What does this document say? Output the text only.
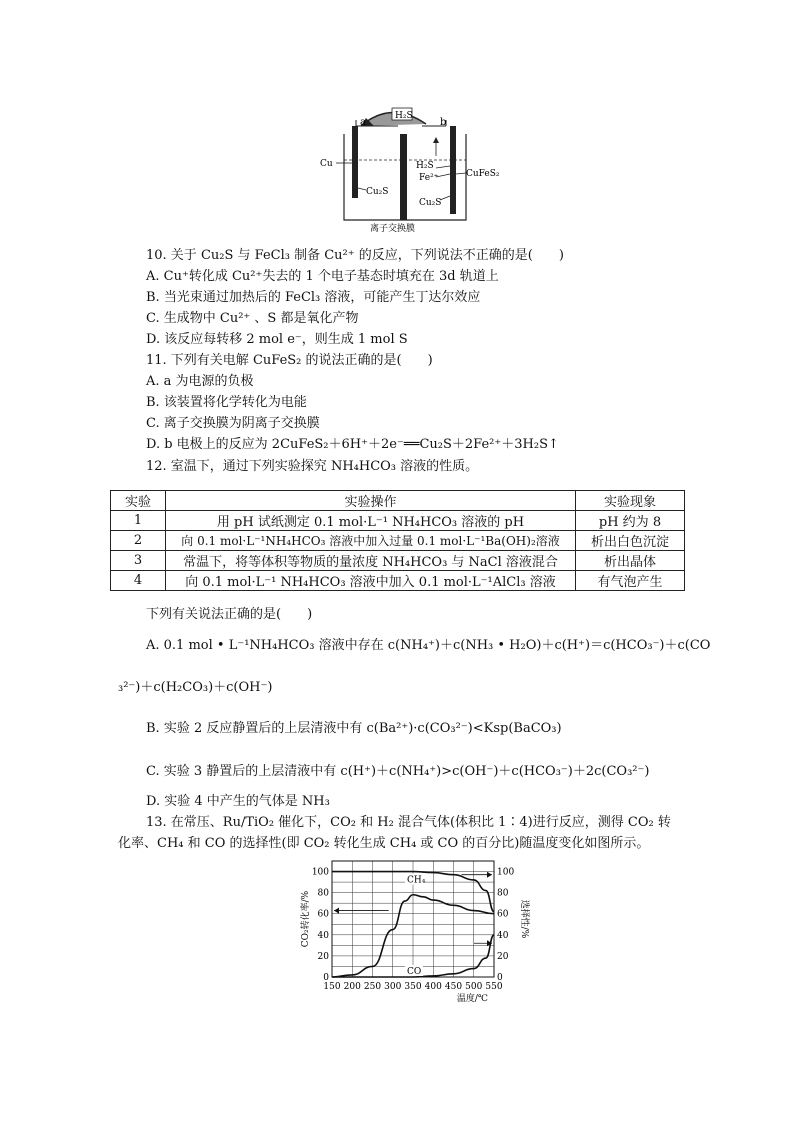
H₂S
a	b
Cu
Cu₂S
H₂S
Fe²⁺	CuFeS₂
Cu₂S
离子交换膜
10. 关于 Cu₂S 与 FeCl₃ 制备 Cu²⁺ 的反应，下列说法不正确的是(　　)
A. Cu⁺转化成 Cu²⁺失去的 1 个电子基态时填充在 3d 轨道上
B. 当光束通过加热后的 FeCl₃ 溶液，可能产生丁达尔效应
C. 生成物中 Cu²⁺ 、S 都是氧化产物
D. 该反应每转移 2 mol e⁻，则生成 1 mol S
11. 下列有关电解 CuFeS₂ 的说法正确的是(　　)
A. a 为电源的负极
B. 该装置将化学转化为电能
C. 离子交换膜为阴离子交换膜
D. b 电极上的反应为 2CuFeS₂＋6H⁺＋2e⁻══Cu₂S＋2Fe²⁺＋3H₂S↑
12. 室温下，通过下列实验探究 NH₄HCO₃ 溶液的性质。
实验	实验操作	实验现象
1	用 pH 试纸测定 0.1 mol·L⁻¹ NH₄HCO₃ 溶液的 pH	pH 约为 8
2	向 0.1 mol·L⁻¹NH₄HCO₃ 溶液中加入过量 0.1 mol·L⁻¹Ba(OH)₂溶液	析出白色沉淀
3	常温下，将等体积等物质的量浓度 NH₄HCO₃ 与 NaCl 溶液混合	析出晶体
4	向 0.1 mol·L⁻¹ NH₄HCO₃ 溶液中加入 0.1 mol·L⁻¹AlCl₃ 溶液	有气泡产生
下列有关说法正确的是(　　)
A. 0.1 mol • L⁻¹NH₄HCO₃ 溶液中存在 c(NH₄⁺)＋c(NH₃ • H₂O)＋c(H⁺)＝c(HCO₃⁻)＋c(CO
₃²⁻)＋c(H₂CO₃)＋c(OH⁻)
B. 实验 2 反应静置后的上层清液中有 c(Ba²⁺)·c(CO₃²⁻)<Ksp(BaCO₃)
C. 实验 3 静置后的上层清液中有 c(H⁺)＋c(NH₄⁺)>c(OH⁻)＋c(HCO₃⁻)＋2c(CO₃²⁻)
D. 实验 4 中产生的气体是 NH₃
13. 在常压、Ru/TiO₂ 催化下，CO₂ 和 H₂ 混合气体(体积比 1∶4)进行反应，测得 CO₂ 转
化率、CH₄ 和 CO 的选择性(即 CO₂ 转化生成 CH₄ 或 CO 的百分比)随温度变化如图所示。
150 200 250 300 350 400 450 500 550
0	0
20	20
40	40
60	60
80	80
100	100
CO₂转化率/%	选择性/%
温度/℃
CH₄
CO
